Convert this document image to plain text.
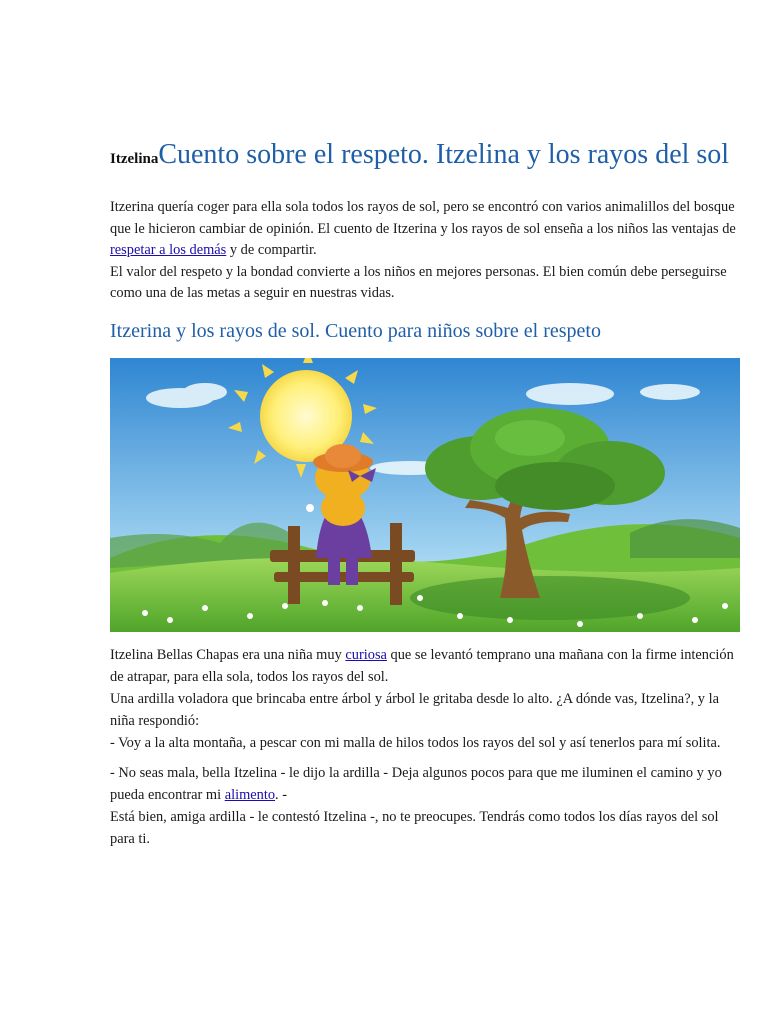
ItzelinaCuento sobre el respeto. Itzelina y los rayos del sol

Itzerina quería coger para ella sola todos los rayos de sol, pero se encontró con varios animalillos del bosque que le hicieron cambiar de opinión. El cuento de Itzerina y los rayos de sol enseña a los niños las ventajas de respetar a los demás y de compartir.

El valor del respeto y la bondad convierte a los niños en mejores personas. El bien común debe perseguirse como una de las metas a seguir en nuestras vidas.

Itzerina y los rayos de sol. Cuento para niños sobre el respeto

Itzelina Bellas Chapas era una niña muy curiosa que se levantó temprano una mañana con la firme intención de atrapar, para ella sola, todos los rayos del sol.

Una ardilla voladora que brincaba entre árbol y árbol le gritaba desde lo alto. ¿A dónde vas, Itzelina?, y la niña respondió:

- Voy a la alta montaña, a pescar con mi malla de hilos todos los rayos del sol y así tenerlos para mí solita.

- No seas mala, bella Itzelina - le dijo la ardilla - Deja algunos pocos para que me iluminen el camino y yo pueda encontrar mi alimento. -

Está bien, amiga ardilla - le contestó Itzelina -, no te preocupes. Tendrás como todos los días rayos del sol para ti.
